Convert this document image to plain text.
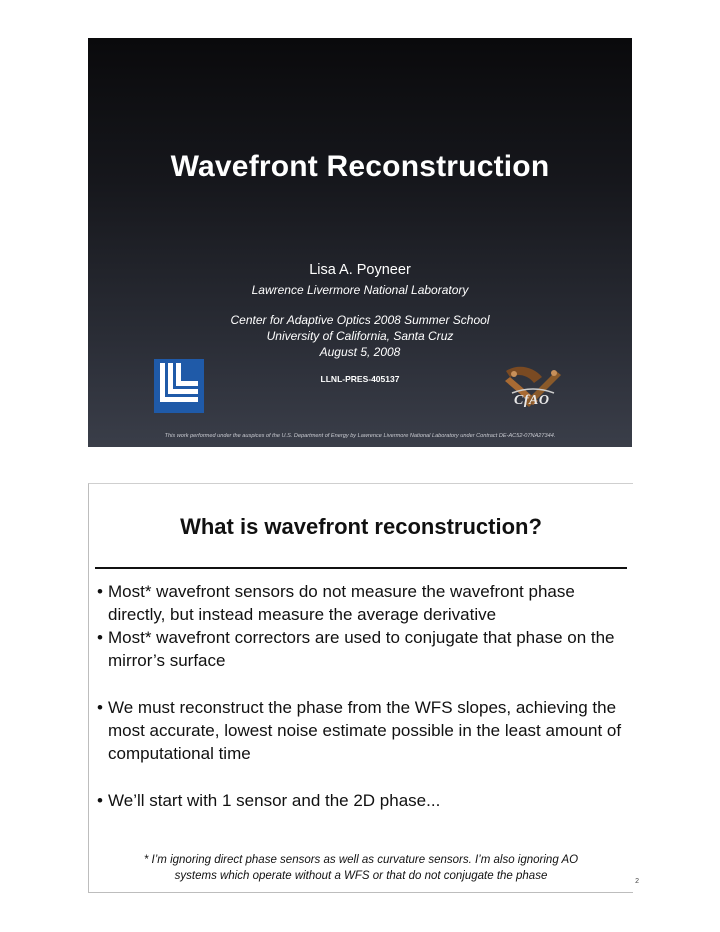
Wavefront Reconstruction
Lisa A. Poyneer
Lawrence Livermore National Laboratory
Center for Adaptive Optics 2008 Summer School
University of California, Santa Cruz
August 5, 2008
LLNL-PRES-405137
CfAO
This work performed under the auspices of the U.S. Department of Energy by Lawrence Livermore National Laboratory under Contract DE-AC52-07NA27344.
What is wavefront reconstruction?
• Most* wavefront sensors do not measure the wavefront phase directly, but instead measure the average derivative
• Most* wavefront correctors are used to conjugate that phase on the mirror’s surface
• We must reconstruct the phase from the WFS slopes, achieving the most accurate, lowest noise estimate possible in the least amount of computational time
• We’ll start with 1 sensor and the 2D phase...
* I’m ignoring direct phase sensors as well as curvature sensors. I’m also ignoring AO
systems which operate without a WFS or that do not conjugate the phase	2
